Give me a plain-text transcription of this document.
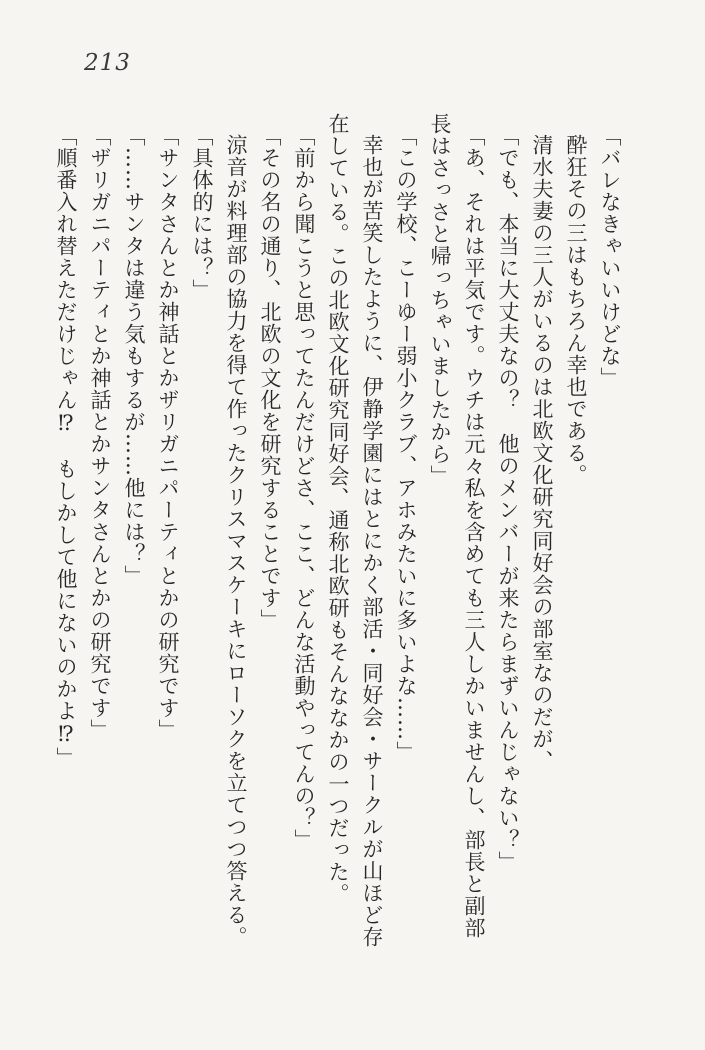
213

「バレなきゃいいけどな」

酔狂その三はもちろん幸也である。

清水夫妻の三人がいるのは北欧文化研究同好会の部室なのだが、

「でも、本当に大丈夫なの？　他のメンバーが来たらまずいんじゃない？」

「あ、それは平気です。ウチは元々私を含めても三人しかいませんし、部長と副部長はさっさと帰っちゃいましたから」

「この学校、こーゆー弱小クラブ、アホみたいに多いよな……」

幸也が苦笑したように、伊静学園にはとにかく部活・同好会・サークルが山ほど存在している。この北欧文化研究同好会、通称北欧研もそんななかの一つだった。

「前から聞こうと思ってたんだけどさ、ここ、どんな活動やってんの？」

「その名の通り、北欧の文化を研究することです」

涼音が料理部の協力を得て作ったクリスマスケーキにローソクを立てつつ答える。

「具体的には？」

「サンタさんとか神話とかザリガニパーティとかの研究です」

「……サンタは違う気もするが……他には？」

「ザリガニパーティとか神話とかサンタさんとかの研究です」

「順番入れ替えただけじゃん⁉　もしかして他にないのかよ⁉」
